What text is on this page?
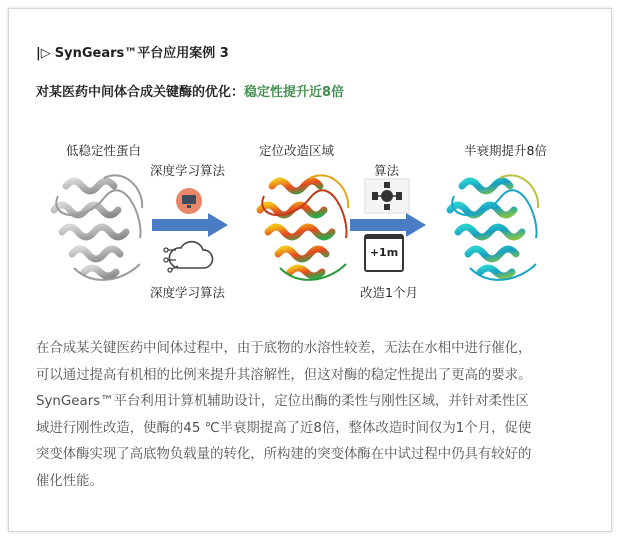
|▷ SynGears™平台应用案例 3
对某医药中间体合成关键酶的优化：稳定性提升近8倍
低稳定性蛋白
深度学习算法
深度学习算法
定位改造区域
算法
改造1个月
半衰期提升8倍
+1m

在合成某关键医药中间体过程中，由于底物的水溶性较差，无法在水相中进行催化，

可以通过提高有机相的比例来提升其溶解性，但这对酶的稳定性提出了更高的要求。

SynGears™平台利用计算机辅助设计，定位出酶的柔性与刚性区域，并针对柔性区

域进行刚性改造，使酶的45 ℃半衰期提高了近8倍，整体改造时间仅为1个月，促使

突变体酶实现了高底物负载量的转化，所构建的突变体酶在中试过程中仍具有较好的

催化性能。
